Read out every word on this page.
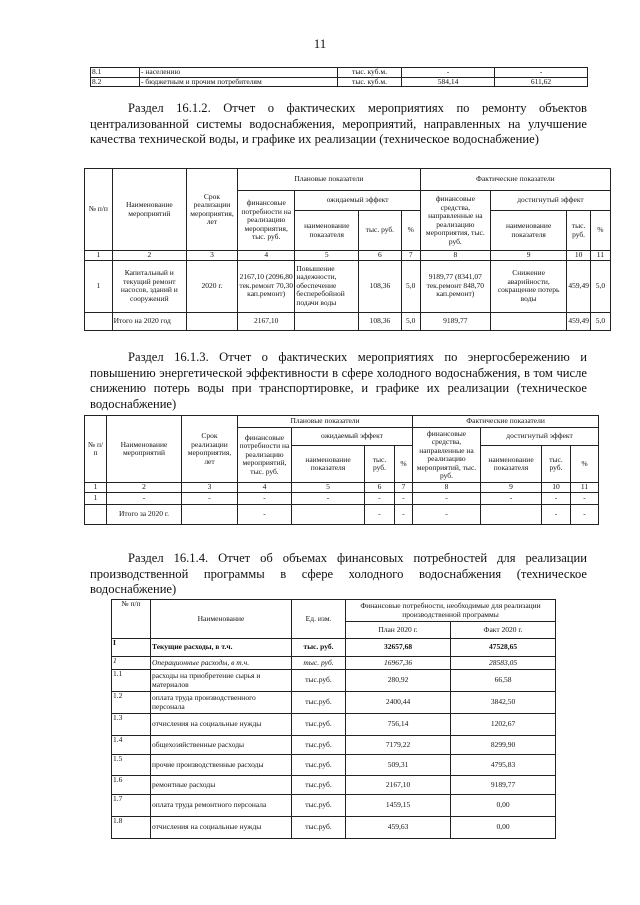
11
8.1	- населению	тыс. куб.м.	-	-
8.2	- бюджетным и прочим потребителям	тыс. куб.м.	584,14	611,62
Раздел 16.1.2. Отчет о фактических мероприятиях по ремонту объектов централизованной системы водоснабжения, мероприятий, направленных на улучшение качества технической воды, и графике их реализации (техническое водоснабжение)
№ п/п	Наименование мероприятий	Срок реализации мероприятия, лет	Плановые показатели				Фактические показатели			
			финансовые потребности на реализацию мероприятия, тыс. руб.	ожидаемый эффект			финансовые средства, направленные на реализацию мероприятия, тыс. руб.	достигнутый эффект		
				наименование показателя	тыс. руб.	%		наименование показателя	тыс. руб.	%
1	2	3	4	5	6	7	8	9	10	11
1	Капитальный и текущий ремонт насосов, зданий и сооружений	2020 г.	2167,10 (2096,80 тек.ремонт 70,30 кап.ремонт)	Повышение надежности, обеспечение бесперебойной подачи воды	108,36	5,0	9189,77 (8341,07 тек.ремонт 848,70 кап.ремонт)	Снижение аварийности, сокращение потерь воды	459,49	5,0
	Итого на 2020 год		2167,10		108,36	5,0	9189,77		459,49	5,0
Раздел 16.1.3. Отчет о фактических мероприятиях по энергосбережению и повышению энергетической эффективности в сфере холодного водоснабжения, в том числе снижению потерь воды при транспортировке, и графике их реализации (техническое водоснабжение)
№ п/п	Наименование мероприятий	Срок реализации мероприятия, лет	Плановые показатели				Фактические показатели			
			финансовые потребности на реализацию мероприятий, тыс. руб.	ожидаемый эффект			финансовые средства, направленные на реализацию мероприятий, тыс. руб.	достигнутый эффект		
				наименование показателя	тыс. руб.	%		наименование показателя	тыс. руб.	%
1	2	3	4	5	6	7	8	9	10	11
1	-	-	-	-	-	-	-	-	-	-
	Итого за 2020 г.		-		-	-	-		-	-
Раздел 16.1.4. Отчет об объемах финансовых потребностей для реализации производственной программы в сфере холодного водоснабжения (техническое водоснабжение)
№ п/п	Наименование	Ед. изм.	Финансовые потребности, необходимые для реализации производственной программы	
			План 2020 г.	Факт 2020 г.
I	Текущие расходы, в т.ч.	тыс. руб.	32657,68	47528,65
1	Операционные расходы, в т.ч.	тыс. руб.	16967,36	28583,05
1.1	расходы на приобретение сырья и материалов	тыс.руб.	280,92	66,58
1.2	оплата труда производственного персонала	тыс.руб.	2400,44	3842,50
1.3	отчисления на социальные нужды	тыс.руб.	756,14	1202,67
1.4	общехозяйственные расходы	тыс.руб.	7179,22	8299,90
1.5	прочие производственные расходы	тыс.руб.	509,31	4795,83
1.6	ремонтные расходы	тыс.руб.	2167,10	9189,77
1.7	оплата труда ремонтного персонала	тыс.руб.	1459,15	0,00
1.8	отчисления на социальные нужды	тыс.руб.	459,63	0,00
